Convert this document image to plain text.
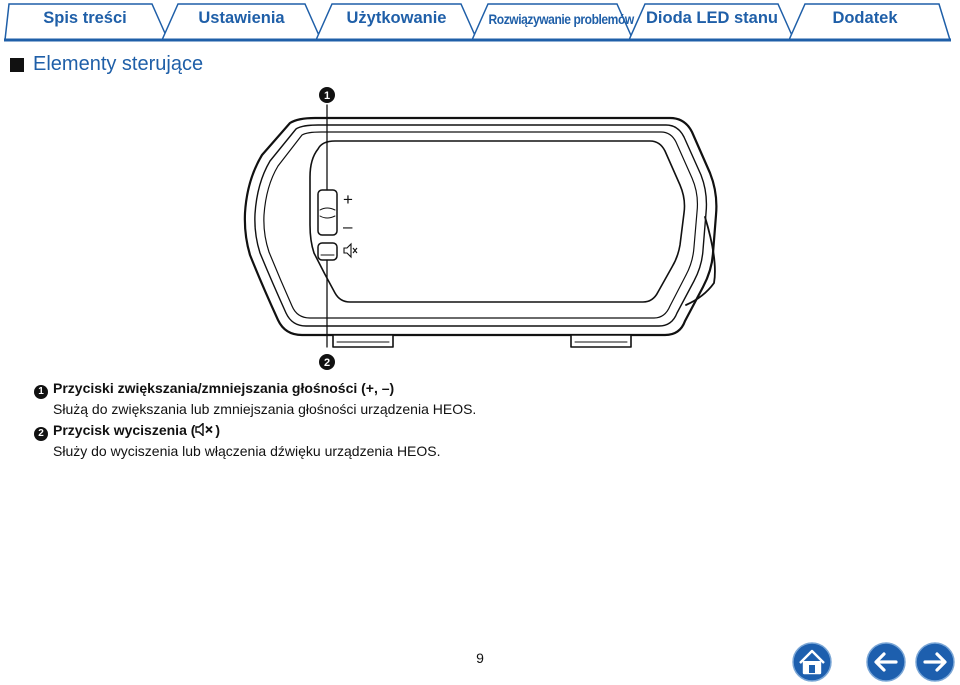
Spis treści	Ustawienia	Użytkowanie	Rozwiązywanie problemów Dioda LED stanu	Dodatek
Elementy sterujące
+
–
1
2
1 Przyciski zwiększania/zmniejszania głośności (+, –)
Służą do zwiększania lub zmniejszania głośności urządzenia HEOS.
2 Przycisk wyciszenia ( )
Służy do wyciszenia lub włączenia dźwięku urządzenia HEOS.
9
